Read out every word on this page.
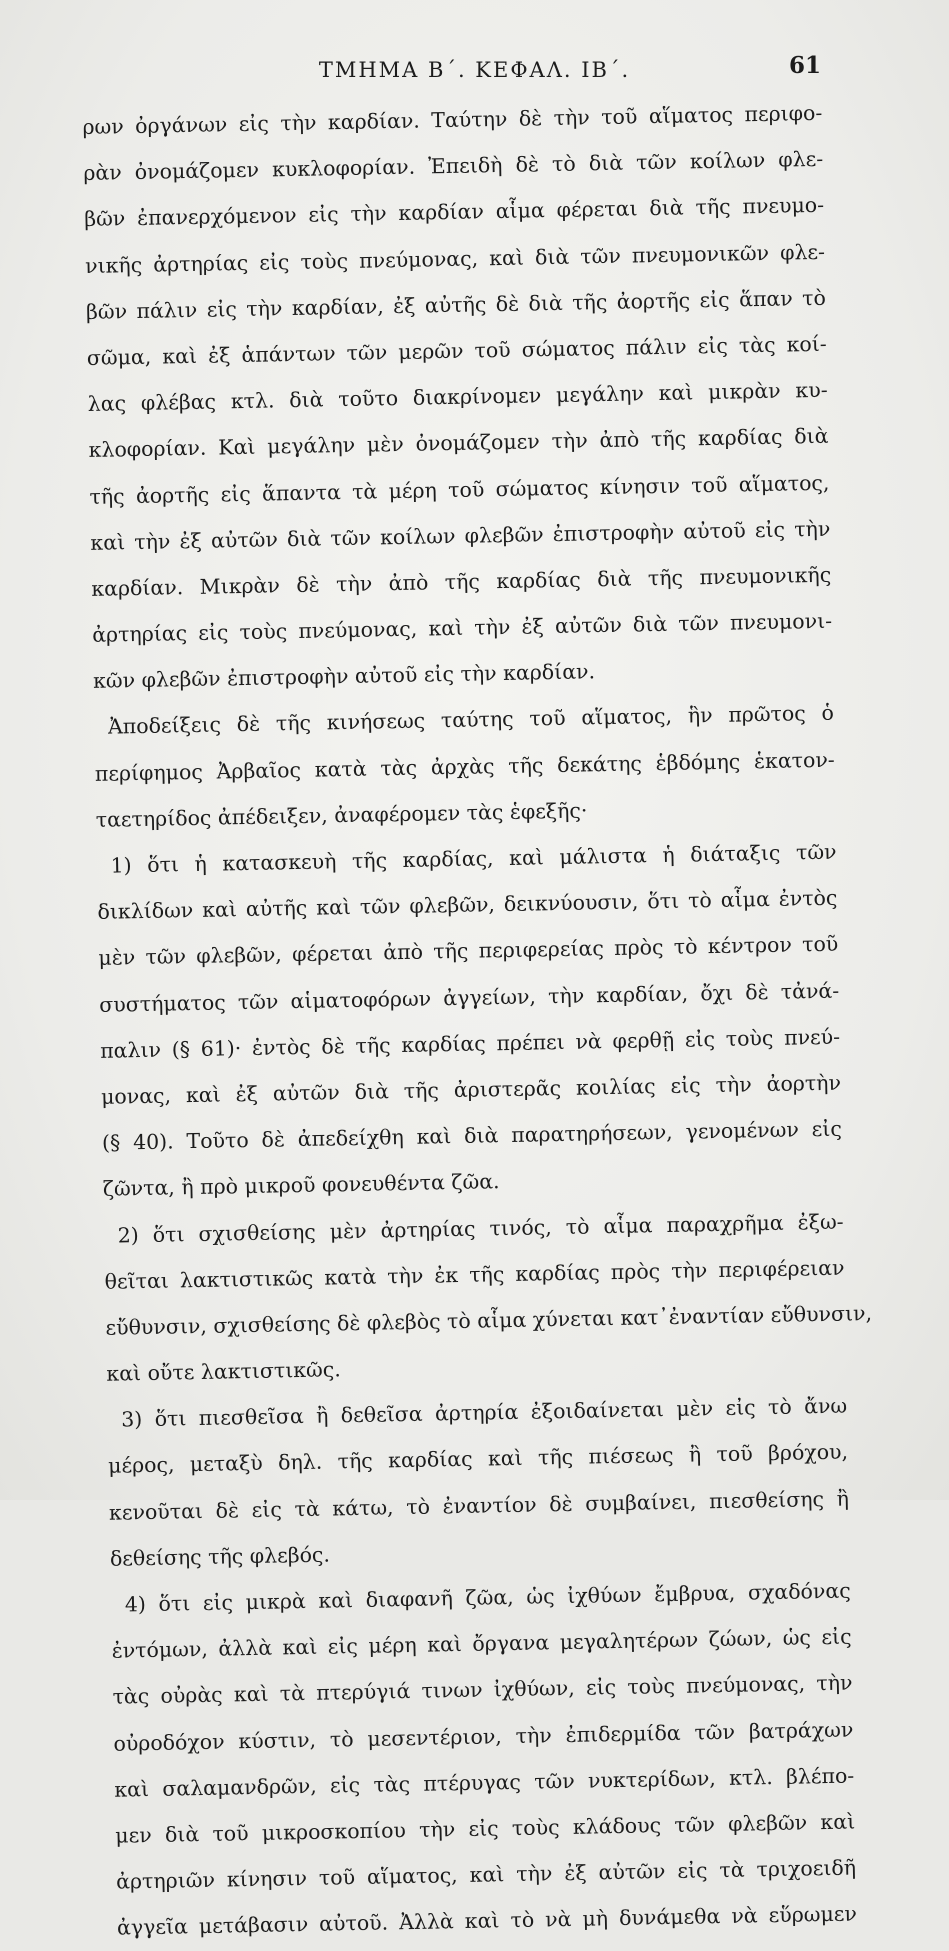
ΤΜΗΜΑ Β΄. ΚΕΦΑΛ. ΙΒ΄.	61
ρων ὀργάνων εἰς τὴν καρδίαν. Ταύτην δὲ τὴν τοῦ αἵματος περιφο-
ρὰν ὀνομάζομεν κυκλοφορίαν. Ἐπειδὴ δὲ τὸ διὰ τῶν κοίλων φλε-
βῶν ἐπανερχόμενον εἰς τὴν καρδίαν αἷμα φέρεται διὰ τῆς πνευμο-
νικῆς ἀρτηρίας εἰς τοὺς πνεύμονας, καὶ διὰ τῶν πνευμονικῶν φλε-
βῶν πάλιν εἰς τὴν καρδίαν, ἐξ αὐτῆς δὲ διὰ τῆς ἀορτῆς εἰς ἅπαν τὸ
σῶμα, καὶ ἐξ ἁπάντων τῶν μερῶν τοῦ σώματος πάλιν εἰς τὰς κοί-
λας φλέβας κτλ. διὰ τοῦτο διακρίνομεν μεγάλην καὶ μικρὰν κυ-
κλοφορίαν. Καὶ μεγάλην μὲν ὀνομάζομεν τὴν ἀπὸ τῆς καρδίας διὰ
τῆς ἀορτῆς εἰς ἅπαντα τὰ μέρη τοῦ σώματος κίνησιν τοῦ αἵματος,
καὶ τὴν ἐξ αὐτῶν διὰ τῶν κοίλων φλεβῶν ἐπιστροφὴν αὐτοῦ εἰς τὴν
καρδίαν. Μικρὰν δὲ τὴν ἀπὸ τῆς καρδίας διὰ τῆς πνευμονικῆς
ἀρτηρίας εἰς τοὺς πνεύμονας, καὶ τὴν ἐξ αὐτῶν διὰ τῶν πνευμονι-
κῶν φλεβῶν ἐπιστροφὴν αὐτοῦ εἰς τὴν καρδίαν.
Ἀποδείξεις δὲ τῆς κινήσεως ταύτης τοῦ αἵματος, ἣν πρῶτος ὁ
περίφημος Ἀρβαῖος κατὰ τὰς ἀρχὰς τῆς δεκάτης ἑβδόμης ἑκατον-
ταετηρίδος ἀπέδειξεν, ἀναφέρομεν τὰς ἑφεξῆς·
1) ὅτι ἡ κατασκευὴ τῆς καρδίας, καὶ μάλιστα ἡ διάταξις τῶν
δικλίδων καὶ αὐτῆς καὶ τῶν φλεβῶν, δεικνύουσιν, ὅτι τὸ αἷμα ἐντὸς
μὲν τῶν φλεβῶν, φέρεται ἀπὸ τῆς περιφερείας πρὸς τὸ κέντρον τοῦ
συστήματος τῶν αἱματοφόρων ἀγγείων, τὴν καρδίαν, ὄχι δὲ τἀνά-
παλιν (§ 61)· ἐντὸς δὲ τῆς καρδίας πρέπει νὰ φερθῇ εἰς τοὺς πνεύ-
μονας, καὶ ἐξ αὐτῶν διὰ τῆς ἀριστερᾶς κοιλίας εἰς τὴν ἀορτὴν
(§ 40). Τοῦτο δὲ ἀπεδείχθη καὶ διὰ παρατηρήσεων, γενομένων εἰς
ζῶντα, ἢ πρὸ μικροῦ φονευθέντα ζῶα.
2) ὅτι σχισθείσης μὲν ἀρτηρίας τινός, τὸ αἷμα παραχρῆμα ἐξω-
θεῖται λακτιστικῶς κατὰ τὴν ἐκ τῆς καρδίας πρὸς τὴν περιφέρειαν
εὔθυνσιν, σχισθείσης δὲ φλεβὸς τὸ αἷμα χύνεται κατ᾿ἐναντίαν εὔθυνσιν,
καὶ οὔτε λακτιστικῶς.
3) ὅτι πιεσθεῖσα ἢ δεθεῖσα ἀρτηρία ἐξοιδαίνεται μὲν εἰς τὸ ἄνω
μέρος, μεταξὺ δηλ. τῆς καρδίας καὶ τῆς πιέσεως ἢ τοῦ βρόχου,
κενοῦται δὲ εἰς τὰ κάτω, τὸ ἐναντίον δὲ συμβαίνει, πιεσθείσης ἢ
δεθείσης τῆς φλεβός.
4) ὅτι εἰς μικρὰ καὶ διαφανῆ ζῶα, ὡς ἰχθύων ἔμβρυα, σχαδόνας
ἐντόμων, ἀλλὰ καὶ εἰς μέρη καὶ ὄργανα μεγαλητέρων ζώων, ὡς εἰς
τὰς οὐρὰς καὶ τὰ πτερύγιά τινων ἰχθύων, εἰς τοὺς πνεύμονας, τὴν
οὐροδόχον κύστιν, τὸ μεσεντέριον, τὴν ἐπιδερμίδα τῶν βατράχων
καὶ σαλαμανδρῶν, εἰς τὰς πτέρυγας τῶν νυκτερίδων, κτλ. βλέπο-
μεν διὰ τοῦ μικροσκοπίου τὴν εἰς τοὺς κλάδους τῶν φλεβῶν καὶ
ἀρτηριῶν κίνησιν τοῦ αἵματος, καὶ τὴν ἐξ αὐτῶν εἰς τὰ τριχοειδῆ
ἀγγεῖα μετάβασιν αὐτοῦ. Ἀλλὰ καὶ τὸ νὰ μὴ δυνάμεθα νὰ εὕρωμεν
